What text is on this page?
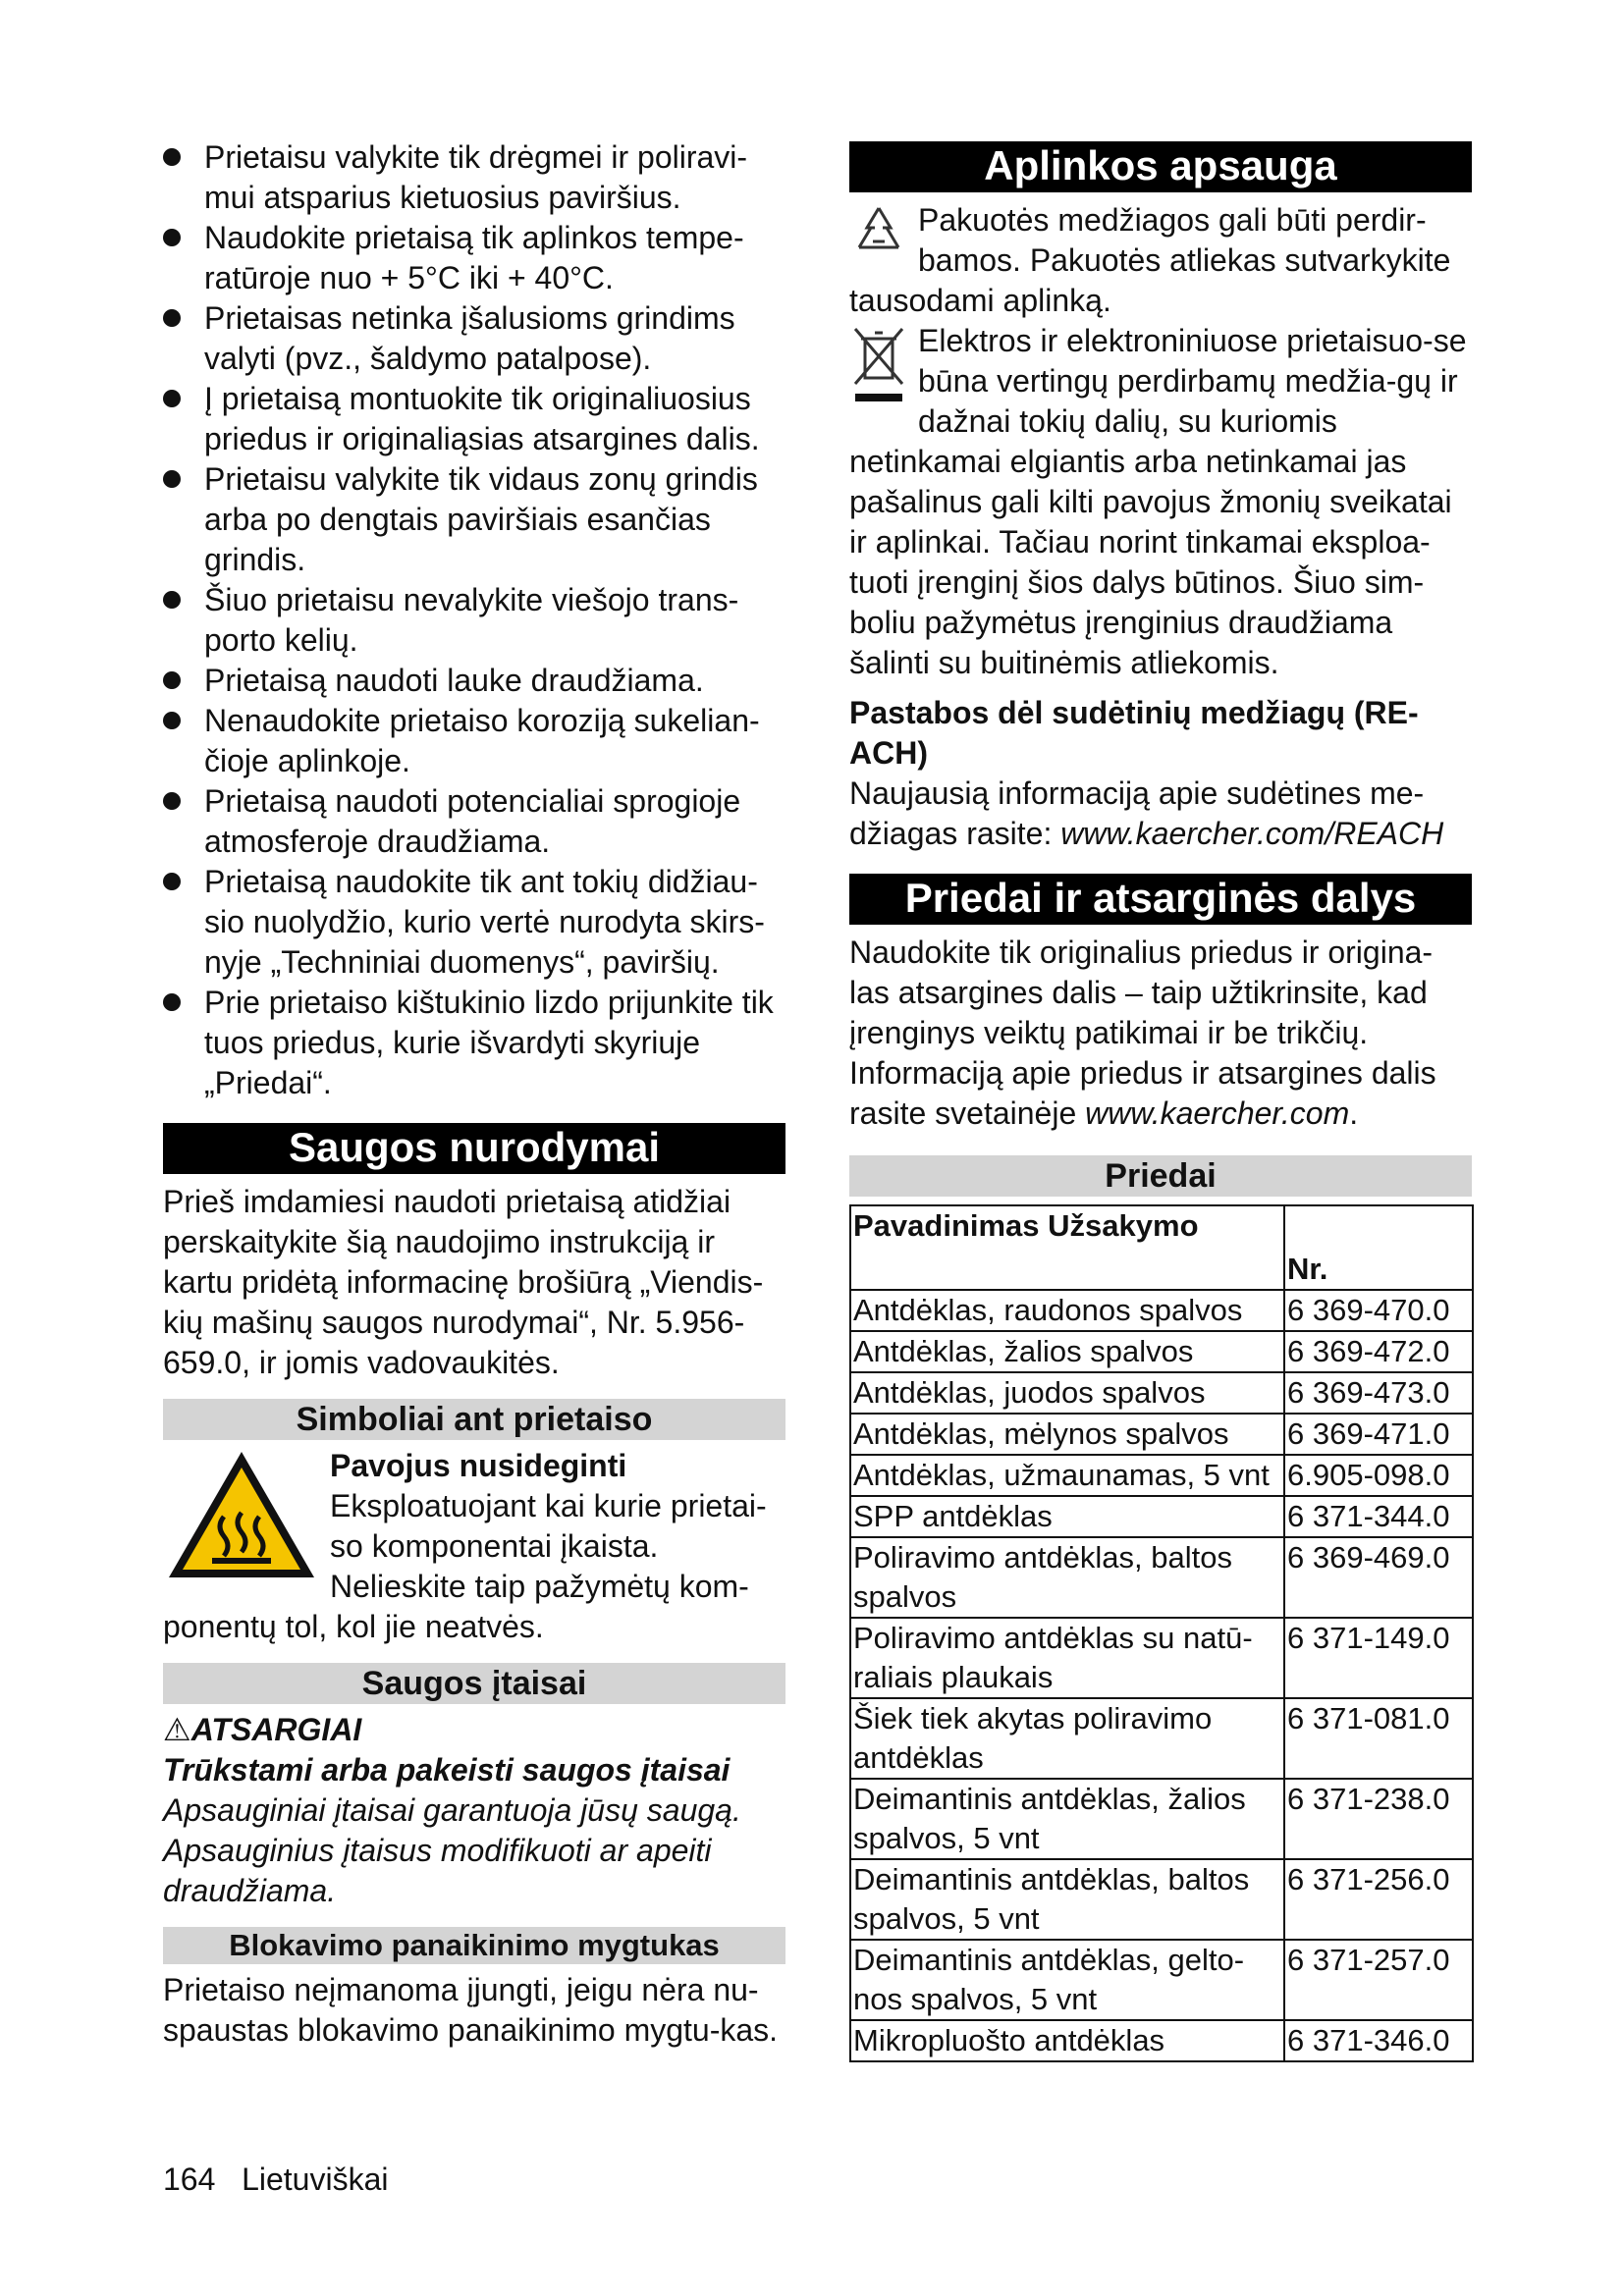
Prietaisu valykite tik drėgmei ir poliravi-mui atsparius kietuosius paviršius.
Naudokite prietaisą tik aplinkos tempe-ratūroje nuo + 5°C iki + 40°C.
Prietaisas netinka įšalusioms grindims valyti (pvz., šaldymo patalpose).
Į prietaisą montuokite tik originaliuosius priedus ir originaliąsias atsargines dalis.
Prietaisu valykite tik vidaus zonų grindis arba po dengtais paviršiais esančias grindis.
Šiuo prietaisu nevalykite viešojo trans-porto kelių.
Prietaisą naudoti lauke draudžiama.
Nenaudokite prietaiso koroziją sukelian-čioje aplinkoje.
Prietaisą naudoti potencialiai sprogioje atmosferoje draudžiama.
Prietaisą naudokite tik ant tokių didžiau-sio nuolydžio, kurio vertė nurodyta skirs-nyje „Techniniai duomenys“, paviršių.
Prie prietaiso kištukinio lizdo prijunkite tik tuos priedus, kurie išvardyti skyriuje „Priedai“.
Saugos nurodymai

Prieš imdamiesi naudoti prietaisą atidžiai perskaitykite šią naudojimo instrukciją ir kartu pridėtą informacinę brošiūrą „Viendis-kių mašinų saugos nurodymai“, Nr. 5.956-659.0, ir jomis vadovaukitės.

Simboliai ant prietaiso

Pavojus nusideginti

Eksploatuojant kai kurie prietai-so komponentai įkaista. Nelieskite taip pažymėtų kom-ponentų tol, kol jie neatvės.

Saugos įtaisai

⚠ATSARGIAI

Trūkstami arba pakeisti saugos įtaisai

Apsauginiai įtaisai garantuoja jūsų saugą. Apsauginius įtaisus modifikuoti ar apeiti draudžiama.

Blokavimo panaikinimo mygtukas

Prietaiso neįmanoma įjungti, jeigu nėra nu-spaustas blokavimo panaikinimo mygtu-kas.

Aplinkos apsauga

Pakuotės medžiagos gali būti perdir-bamos. Pakuotės atliekas sutvarkykite tausodami aplinką.

Elektros ir elektroniniuose prietaisuo-se būna vertingų perdirbamų medžia-gų ir dažnai tokių dalių, su kuriomis netinkamai elgiantis arba netinkamai jas pašalinus gali kilti pavojus žmonių sveikatai ir aplinkai. Tačiau norint tinkamai eksploa-tuoti įrenginį šios dalys būtinos. Šiuo sim-boliu pažymėtus įrenginius draudžiama šalinti su buitinėmis atliekomis.

Pastabos dėl sudėtinių medžiagų (RE-ACH)

Naujausią informaciją apie sudėtines me-džiagas rasite: www.kaercher.com/REACH

Priedai ir atsarginės dalys

Naudokite tik originalius priedus ir origina-las atsargines dalis – taip užtikrinsite, kad įrenginys veiktų patikimai ir be trikčių. Informaciją apie priedus ir atsargines dalis rasite svetainėje www.kaercher.com.

Priedai
Pavadinimas Užsakymo	Nr.
Antdėklas, raudonos spalvos	6 369-470.0
Antdėklas, žalios spalvos	6 369-472.0
Antdėklas, juodos spalvos	6 369-473.0
Antdėklas, mėlynos spalvos	6 369-471.0
Antdėklas, užmaunamas, 5 vnt	6.905-098.0
SPP antdėklas	6 371-344.0
Poliravimo antdėklas, baltos spalvos	6 369-469.0
Poliravimo antdėklas su natū-raliais plaukais	6 371-149.0
Šiek tiek akytas poliravimo antdėklas	6 371-081.0
Deimantinis antdėklas, žalios spalvos, 5 vnt	6 371-238.0
Deimantinis antdėklas, baltos spalvos, 5 vnt	6 371-256.0
Deimantinis antdėklas, gelto-nos spalvos, 5 vnt	6 371-257.0
Mikropluošto antdėklas	6 371-346.0
164 Lietuviškai
